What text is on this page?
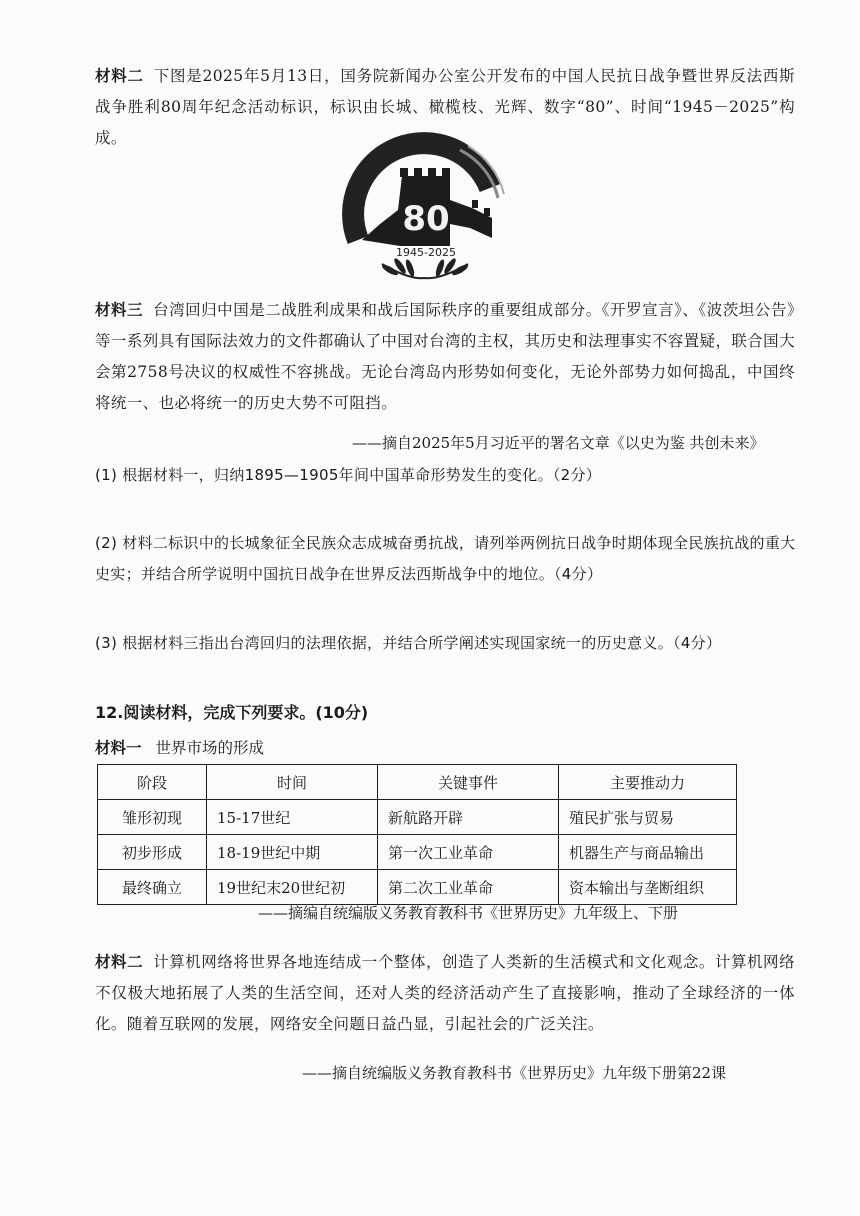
材料二 下图是2025年5月13日，国务院新闻办公室公开发布的中国人民抗日战争暨世界反法西斯战争胜利80周年纪念活动标识，标识由长城、橄榄枝、光辉、数字“80”、时间“1945－2025”构成。

80
1945-2025

材料三 台湾回归中国是二战胜利成果和战后国际秩序的重要组成部分。《开罗宣言》、《波茨坦公告》等一系列具有国际法效力的文件都确认了中国对台湾的主权，其历史和法理事实不容置疑，联合国大会第2758号决议的权威性不容挑战。无论台湾岛内形势如何变化，无论外部势力如何捣乱，中国终将统一、也必将统一的历史大势不可阻挡。

——摘自2025年5月习近平的署名文章《以史为鉴 共创未来》

(1) 根据材料一，归纳1895—1905年间中国革命形势发生的变化。（2分）

(2) 材料二标识中的长城象征全民族众志成城奋勇抗战，请列举两例抗日战争时期体现全民族抗战的重大史实；并结合所学说明中国抗日战争在世界反法西斯战争中的地位。（4分）

(3) 根据材料三指出台湾回归的法理依据，并结合所学阐述实现国家统一的历史意义。（4分）

12.阅读材料，完成下列要求。(10分)

材料一 世界市场的形成

阶段	时间	关键事件	主要推动力
雏形初现	15-17世纪	新航路开辟	殖民扩张与贸易
初步形成	18-19世纪中期	第一次工业革命	机器生产与商品输出
最终确立	19世纪末20世纪初	第二次工业革命	资本输出与垄断组织

——摘编自统编版义务教育教科书《世界历史》九年级上、下册

材料二 计算机网络将世界各地连结成一个整体，创造了人类新的生活模式和文化观念。计算机网络不仅极大地拓展了人类的生活空间，还对人类的经济活动产生了直接影响，推动了全球经济的一体化。随着互联网的发展，网络安全问题日益凸显，引起社会的广泛关注。

——摘自统编版义务教育教科书《世界历史》九年级下册第22课
